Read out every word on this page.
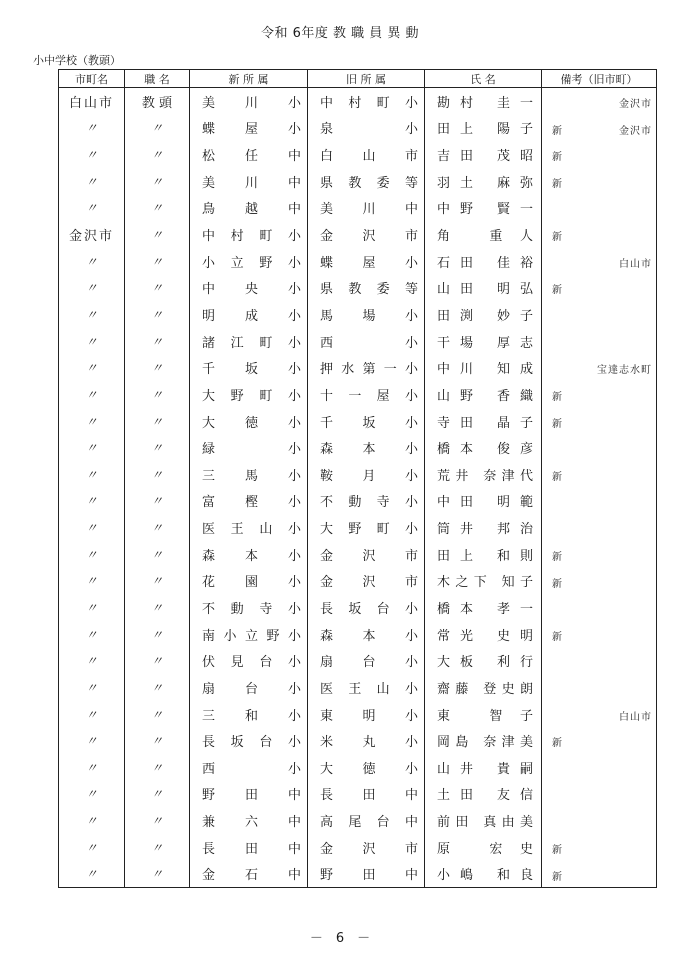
令和 6年度 教 職 員 異 動
小中学校（教頭）
市町名	職 名	新 所 属	旧 所 属	氏 名	備考（旧市町）
白山市	教 頭	美川小	中村町小	勘村 圭一	金沢市

〃	〃	蝶屋小	泉小	田上 陽子	新 金沢市

〃	〃	松任中	白山市	吉田 茂昭	新

〃	〃	美川中	県教委等	羽土 麻弥	新

〃	〃	鳥越中	美川中	中野 賢一	

金沢市	〃	中村町小	金沢市	角 重人	新

〃	〃	小立野小	蝶屋小	石田 佳裕	白山市

〃	〃	中央小	県教委等	山田 明弘	新

〃	〃	明成小	馬場小	田渕 妙子	

〃	〃	諸江町小	西小	干場 厚志	

〃	〃	千坂小	押水第一小	中川 知成	宝達志水町

〃	〃	大野町小	十一屋小	山野 香織	新

〃	〃	大徳小	千坂小	寺田 晶子	新

〃	〃	緑小	森本小	橋本 俊彦	

〃	〃	三馬小	鞍月小	荒井 奈津代	新

〃	〃	富樫小	不動寺小	中田 明範	

〃	〃	医王山小	大野町小	筒井 邦治	

〃	〃	森本小	金沢市	田上 和則	新

〃	〃	花園小	金沢市	木之下 知子	新

〃	〃	不動寺小	長坂台小	橋本 孝一	

〃	〃	南小立野小	森本小	常光 史明	新

〃	〃	伏見台小	扇台小	大板 利行	

〃	〃	扇台小	医王山小	齋藤 登史朗	

〃	〃	三和小	東明小	東 智子	白山市

〃	〃	長坂台小	米丸小	岡島 奈津美	新

〃	〃	西小	大徳小	山井 貴嗣	

〃	〃	野田中	長田中	土田 友信	

〃	〃	兼六中	高尾台中	前田 真由美	

〃	〃	長田中	金沢市	原 宏史	新

〃	〃	金石中	野田中	小嶋 和良	新
－　6　－
